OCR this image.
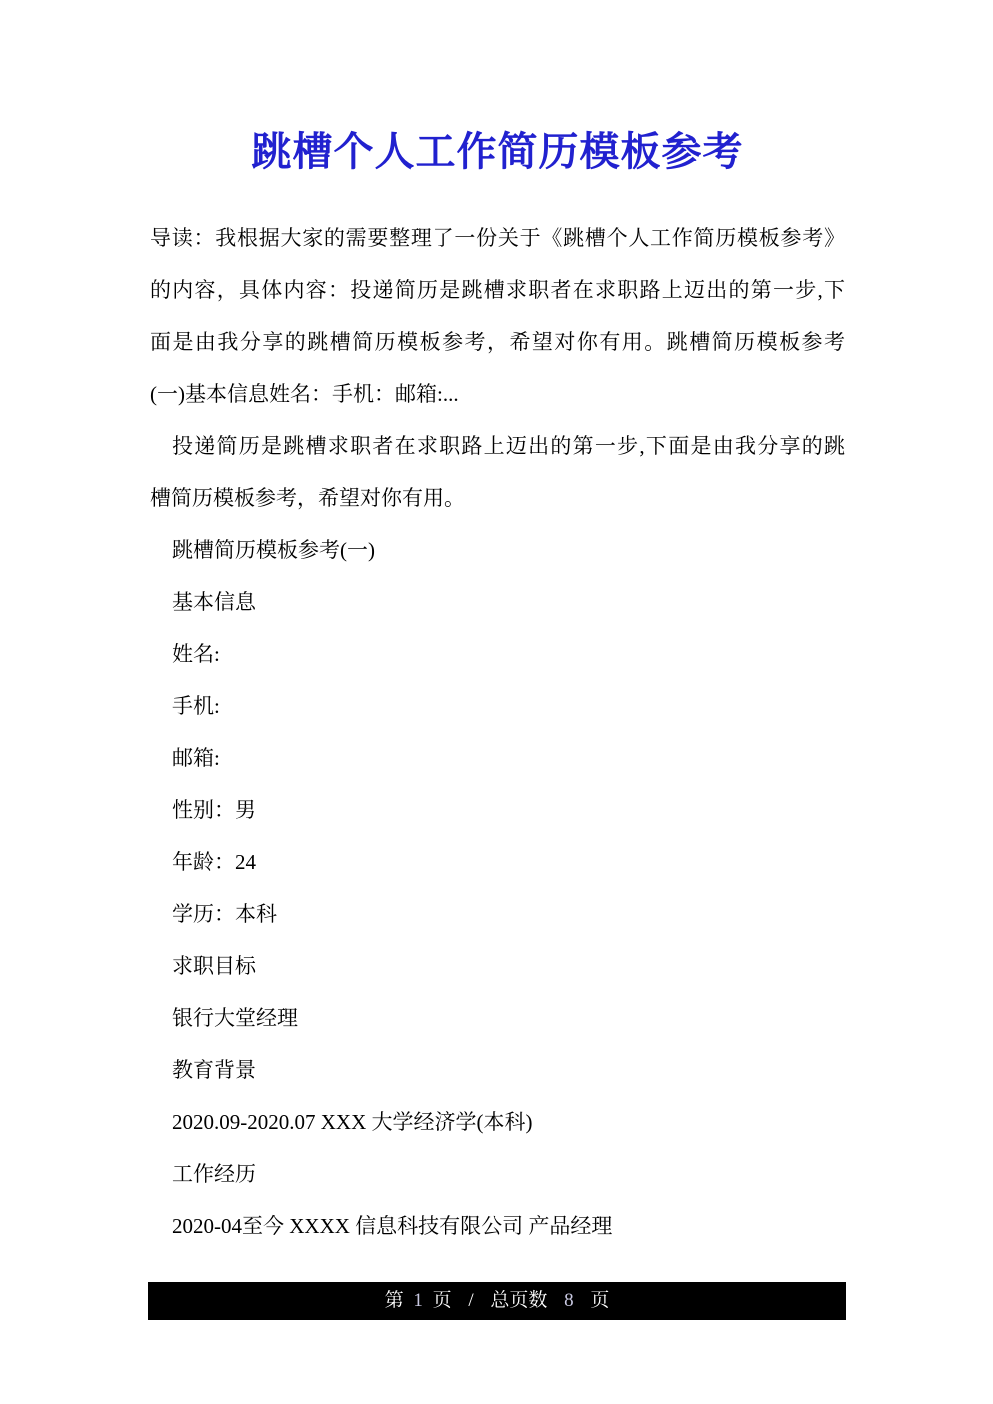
跳槽个人工作简历模板参考
导读：我根据大家的需要整理了一份关于《跳槽个人工作简历模板参考》
的内容，具体内容：投递简历是跳槽求职者在求职路上迈出的第一步,下
面是由我分享的跳槽简历模板参考，希望对你有用。跳槽简历模板参考
(一)基本信息姓名：手机：邮箱:...
投递简历是跳槽求职者在求职路上迈出的第一步,下面是由我分享的跳
槽简历模板参考，希望对你有用。
跳槽简历模板参考(一)
基本信息
姓名:
手机:
邮箱:
性别：男
年龄：24
学历：本科
求职目标
银行大堂经理
教育背景
2020.09-2020.07 XXX 大学经济学(本科)
工作经历
2020-04至今 XXXX 信息科技有限公司 产品经理
第 1 页 / 总页数 8 页
